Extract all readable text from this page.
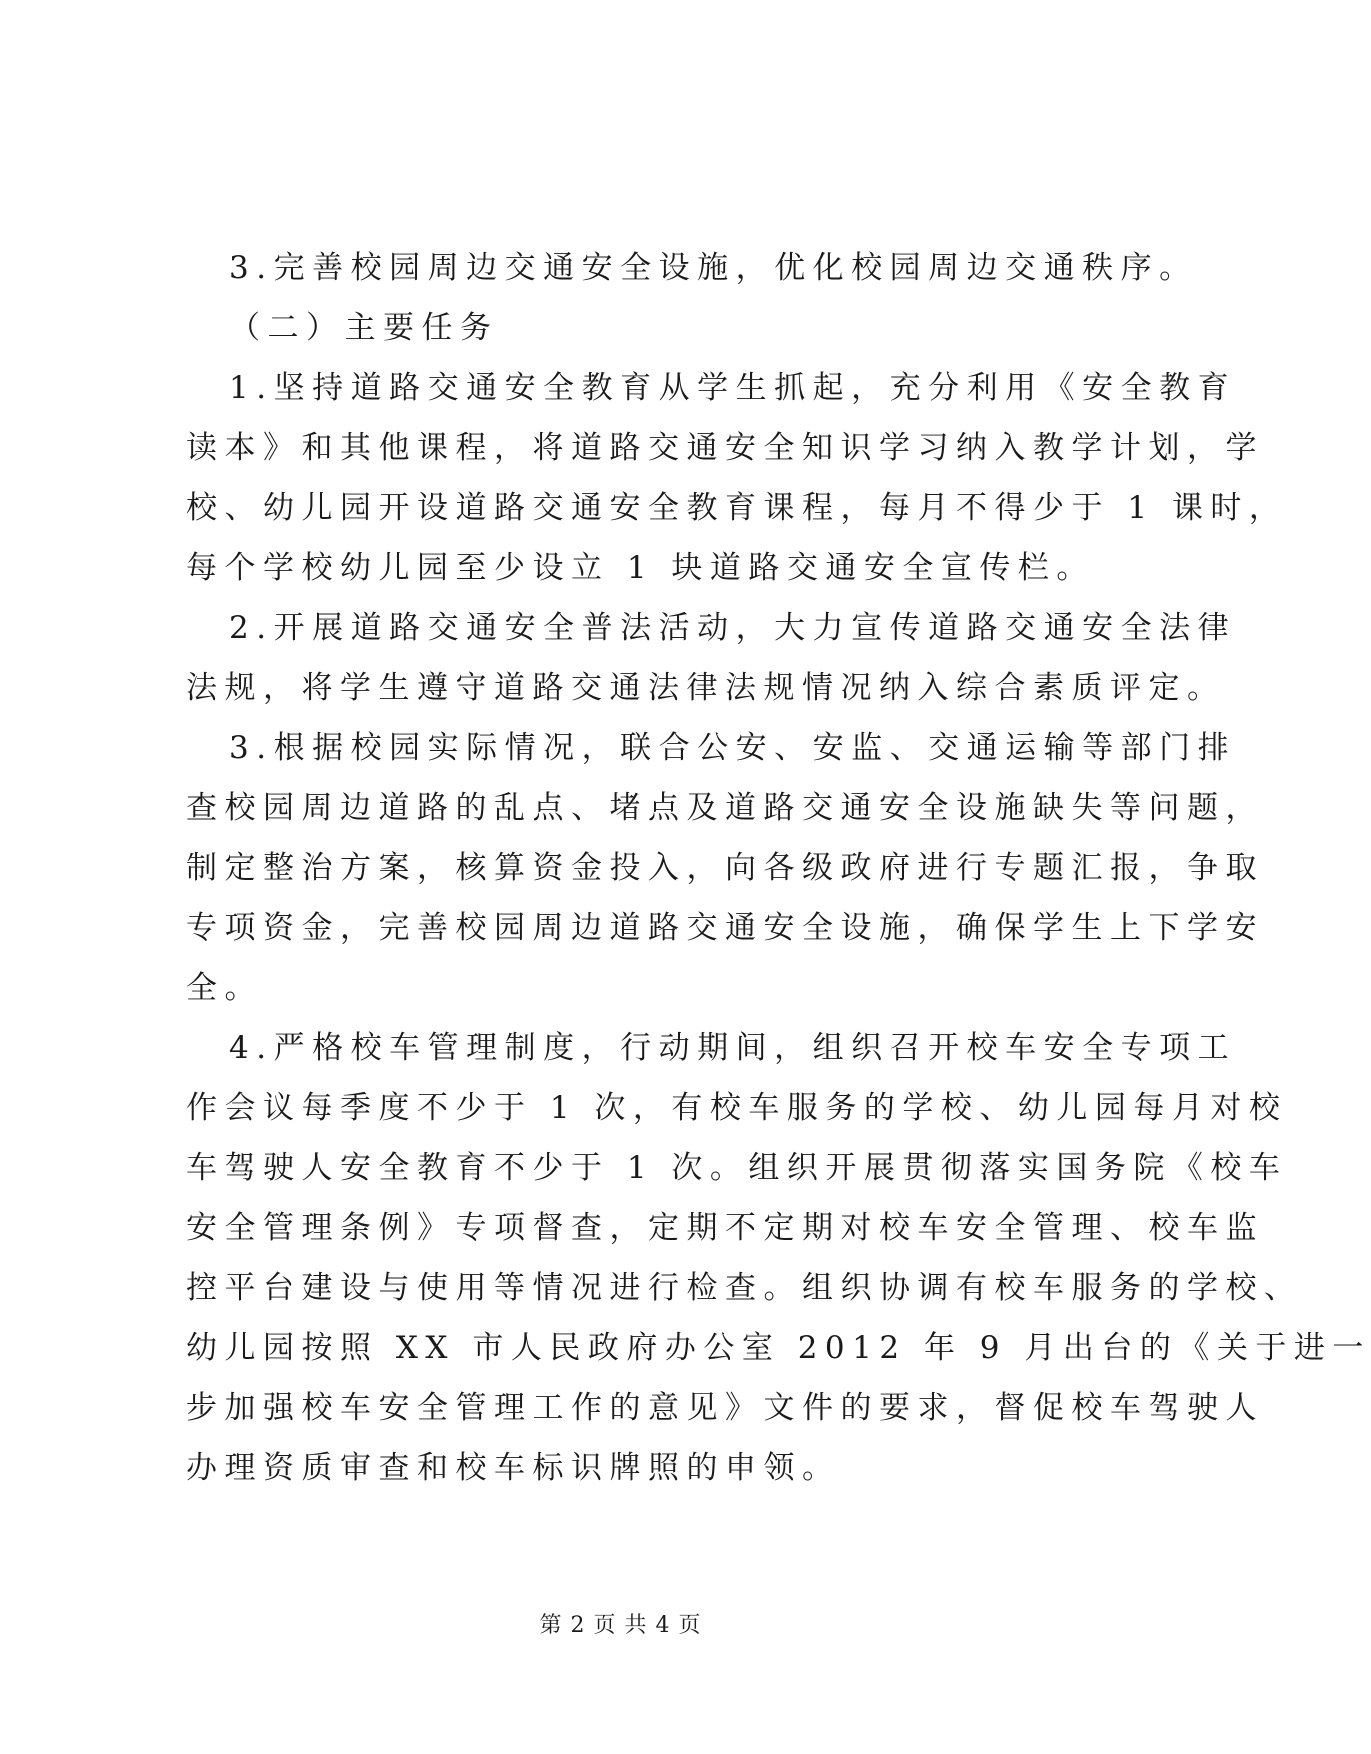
3.完善校园周边交通安全设施，优化校园周边交通秩序。
（二）主要任务
1.坚持道路交通安全教育从学生抓起，充分利用《安全教育
读本》和其他课程，将道路交通安全知识学习纳入教学计划，学
校、幼儿园开设道路交通安全教育课程，每月不得少于 1 课时，
每个学校幼儿园至少设立 1 块道路交通安全宣传栏。
2.开展道路交通安全普法活动，大力宣传道路交通安全法律
法规，将学生遵守道路交通法律法规情况纳入综合素质评定。
3.根据校园实际情况，联合公安、安监、交通运输等部门排
查校园周边道路的乱点、堵点及道路交通安全设施缺失等问题，
制定整治方案，核算资金投入，向各级政府进行专题汇报，争取
专项资金，完善校园周边道路交通安全设施，确保学生上下学安
全。
4.严格校车管理制度，行动期间，组织召开校车安全专项工
作会议每季度不少于 1 次，有校车服务的学校、幼儿园每月对校
车驾驶人安全教育不少于 1 次。组织开展贯彻落实国务院《校车
安全管理条例》专项督查，定期不定期对校车安全管理、校车监
控平台建设与使用等情况进行检查。组织协调有校车服务的学校、
幼儿园按照 XX 市人民政府办公室 2012 年 9 月出台的《关于进一
步加强校车安全管理工作的意见》文件的要求，督促校车驾驶人
办理资质审查和校车标识牌照的申领。
第 2 页 共 4 页
